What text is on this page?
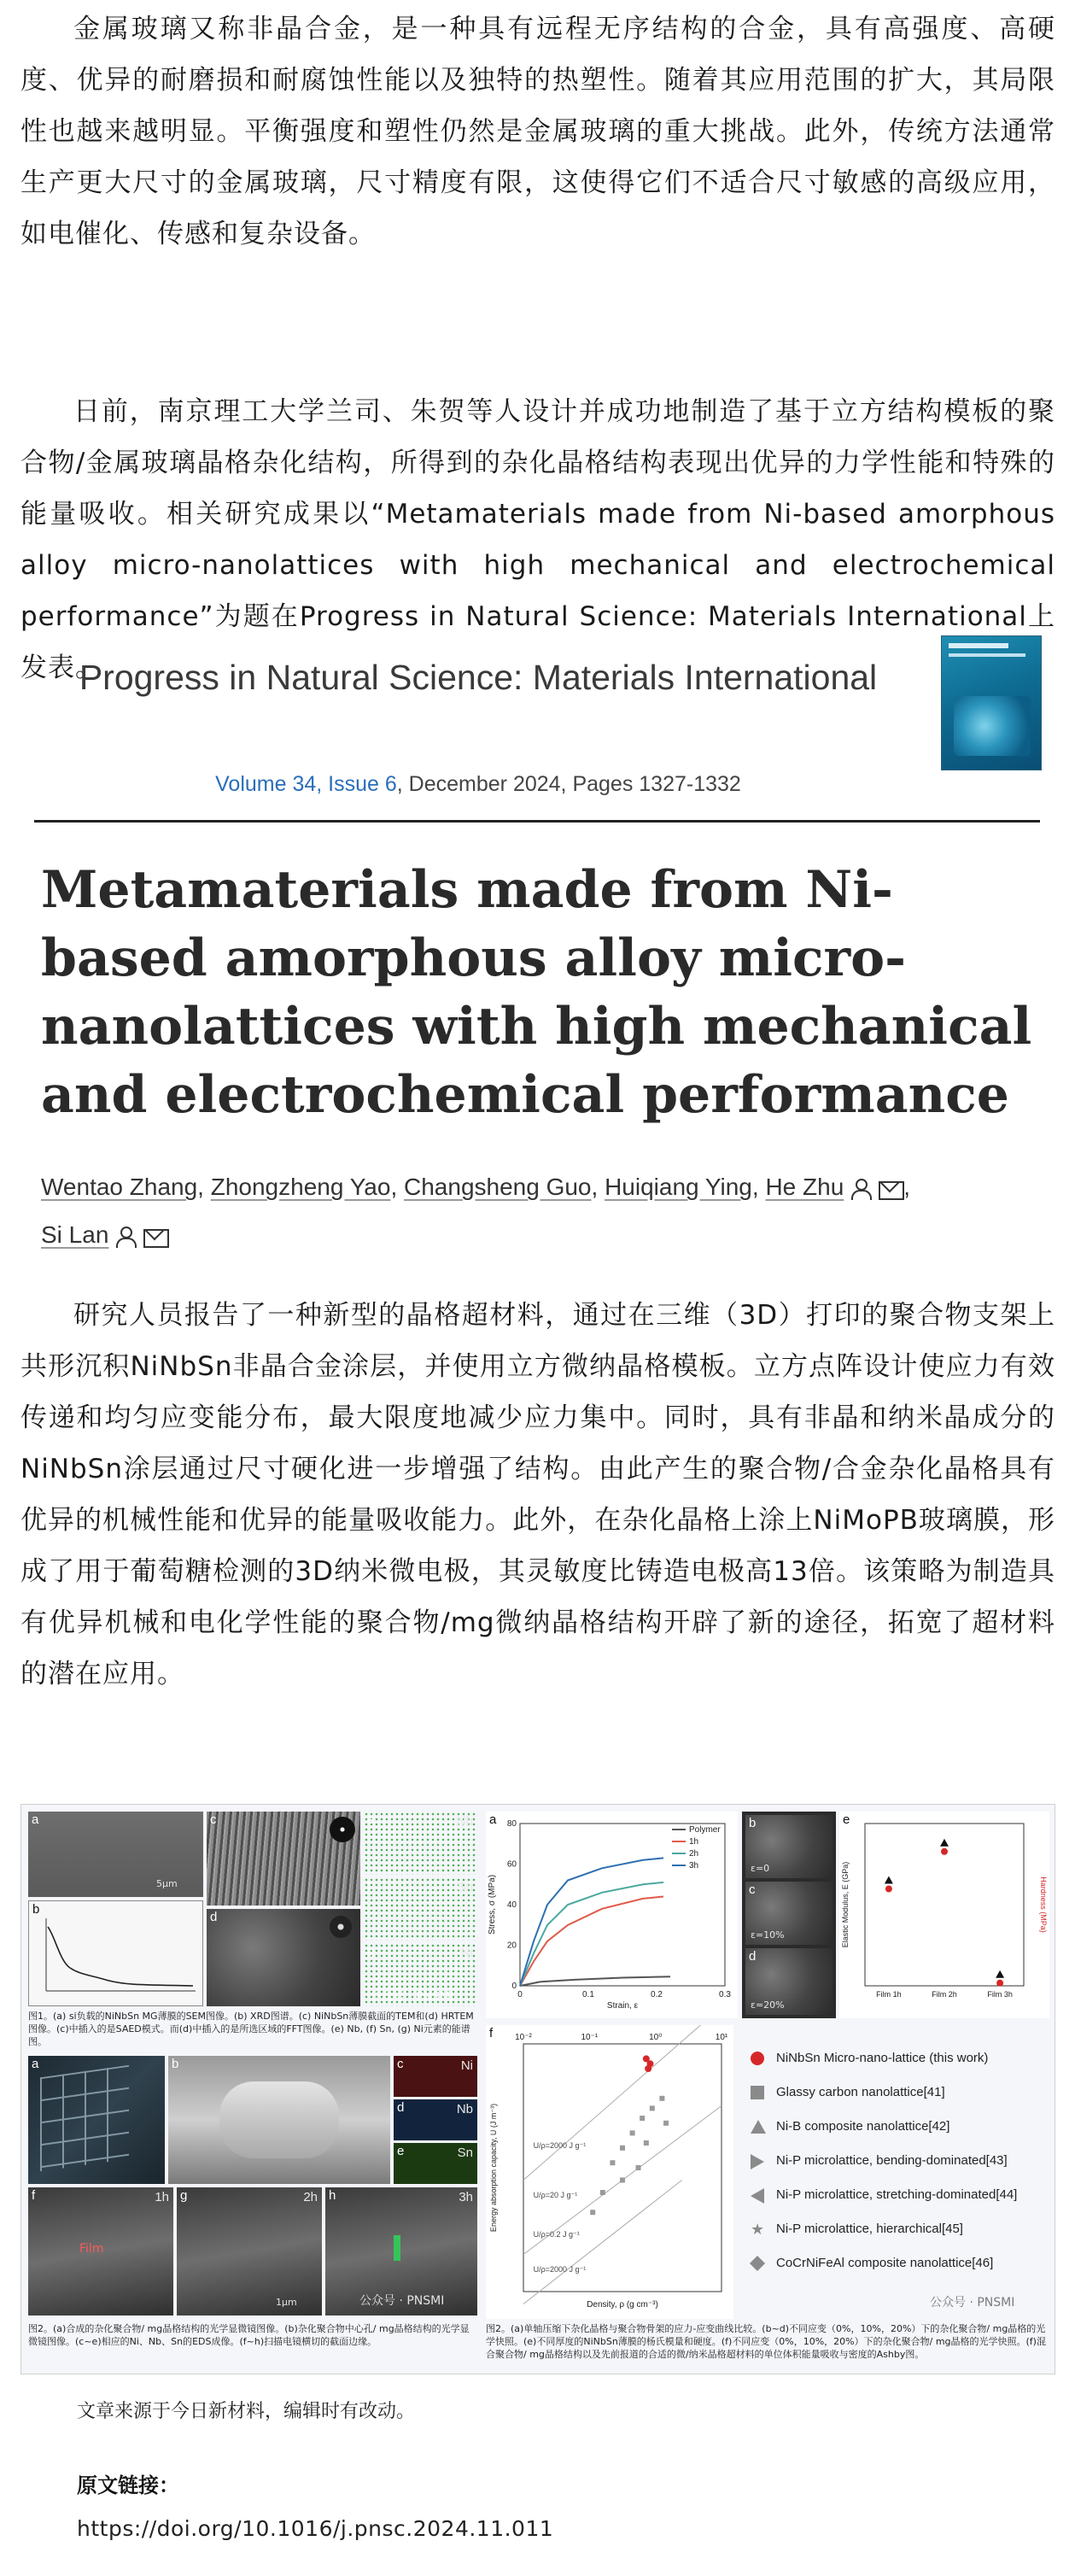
金属玻璃又称非晶合金，是一种具有远程无序结构的合金，具有高强度、高硬度、优异的耐磨损和耐腐蚀性能以及独特的热塑性。随着其应用范围的扩大，其局限性也越来越明显。平衡强度和塑性仍然是金属玻璃的重大挑战。此外，传统方法通常生产更大尺寸的金属玻璃，尺寸精度有限，这使得它们不适合尺寸敏感的高级应用，如电催化、传感和复杂设备。

日前，南京理工大学兰司、朱贺等人设计并成功地制造了基于立方结构模板的聚合物/金属玻璃晶格杂化结构，所得到的杂化晶格结构表现出优异的力学性能和特殊的能量吸收。相关研究成果以“Metamaterials made from Ni-based amorphous alloy micro-nanolattices with high mechanical and electrochemical performance”为题在Progress in Natural Science: Materials International上发表。

Progress in Natural Science: Materials International
Volume 34, Issue 6, December 2024, Pages 1327-1332
Metamaterials made from Ni-based amorphous alloy micro-nanolattices with high mechanical and electrochemical performance
Wentao Zhang, Zhongzheng Yao, Changsheng Guo, Huiqiang Ying, He Zhu	,
Si Lan

研究人员报告了一种新型的晶格超材料，通过在三维（3D）打印的聚合物支架上共形沉积NiNbSn非晶合金涂层，并使用立方微纳晶格模板。立方点阵设计使应力有效传递和均匀应变能分布，最大限度地减少应力集中。同时，具有非晶和纳米晶成分的NiNbSn涂层通过尺寸硬化进一步增强了结构。由此产生的聚合物/合金杂化晶格具有优异的机械性能和优异的能量吸收能力。此外，在杂化晶格上涂上NiMoPB玻璃膜，形成了用于葡萄糖检测的3D纳米微电极，其灵敏度比铸造电极高13倍。该策略为制造具有优异机械和电化学性能的聚合物/mg微纳晶格结构开辟了新的途径，拓宽了超材料的潜在应用。

a
5μm
b
c
d
e	Nb
f	Sn
g	Ni
公众号 · PNSMI
图1。(a) si负载的NiNbSn MG薄膜的SEM图像。(b) XRD图谱。(c) NiNbSn薄膜截面的TEM和(d) HRTEM图像。(c)中插入的是SAED模式。而(d)中插入的是所选区域的FFT图像。(e) Nb, (f) Sn, (g) Ni元素的能谱图。
a	b	c	Ni
d	Nb
e	Sn
f	1h
Film
g	2h
1μm
h	3h
公众号 · PNSMI
图2。(a)合成的杂化聚合物/ mg晶格结构的光学显微镜图像。(b)杂化聚合物中心孔/ mg晶格结构的光学显微镜图像。(c~e)相应的Ni、Nb、Sn的EDS成像。(f~h)扫描电镜横切的截面边缘。
a
0	0.1	0.2	0.3
0
20
40
60
80
Strain, ε
Stress, σ (MPa)
Polymer
1h
2h
3h
b
ε=0
c
ε=10%
d
ε=20%
e
Film 1h	Film 2h	Film 3h
Elastic Modulus, E (GPa)	Hardness (MPa)
f	10⁻²	10⁻¹	10⁰	10¹
U/ρ=2000 J g⁻¹
U/ρ=20 J g⁻¹
U/ρ=0.2 J g⁻¹
U/ρ=2000 J g⁻¹
Density, ρ (g cm⁻³)
Energy absorption capacity, U (J m⁻³)
NiNbSn Micro-nano-lattice (this work)
Glassy carbon nanolattice[41]
Ni-B composite nanolattice[42]
Ni-P microlattice, bending-dominated[43]
Ni-P microlattice, stretching-dominated[44]
★ Ni-P microlattice, hierarchical[45]
CoCrNiFeAl composite nanolattice[46]
公众号 · PNSMI
图2。(a)单轴压缩下杂化晶格与聚合物骨架的应力-应变曲线比较。(b~d)不同应变（0%，10%，20%）下的杂化聚合物/ mg晶格的光学快照。(e)不同厚度的NiNbSn薄膜的杨氏模量和硬度。(f)不同应变（0%，10%，20%）下的杂化聚合物/ mg晶格的光学快照。(f)混合聚合物/ mg晶格结构以及先前报道的合适的微/纳米晶格超材料的单位体积能量吸收与密度的Ashby图。
文章来源于今日新材料，编辑时有改动。
原文链接：
https://doi.org/10.1016/j.pnsc.2024.11.011
